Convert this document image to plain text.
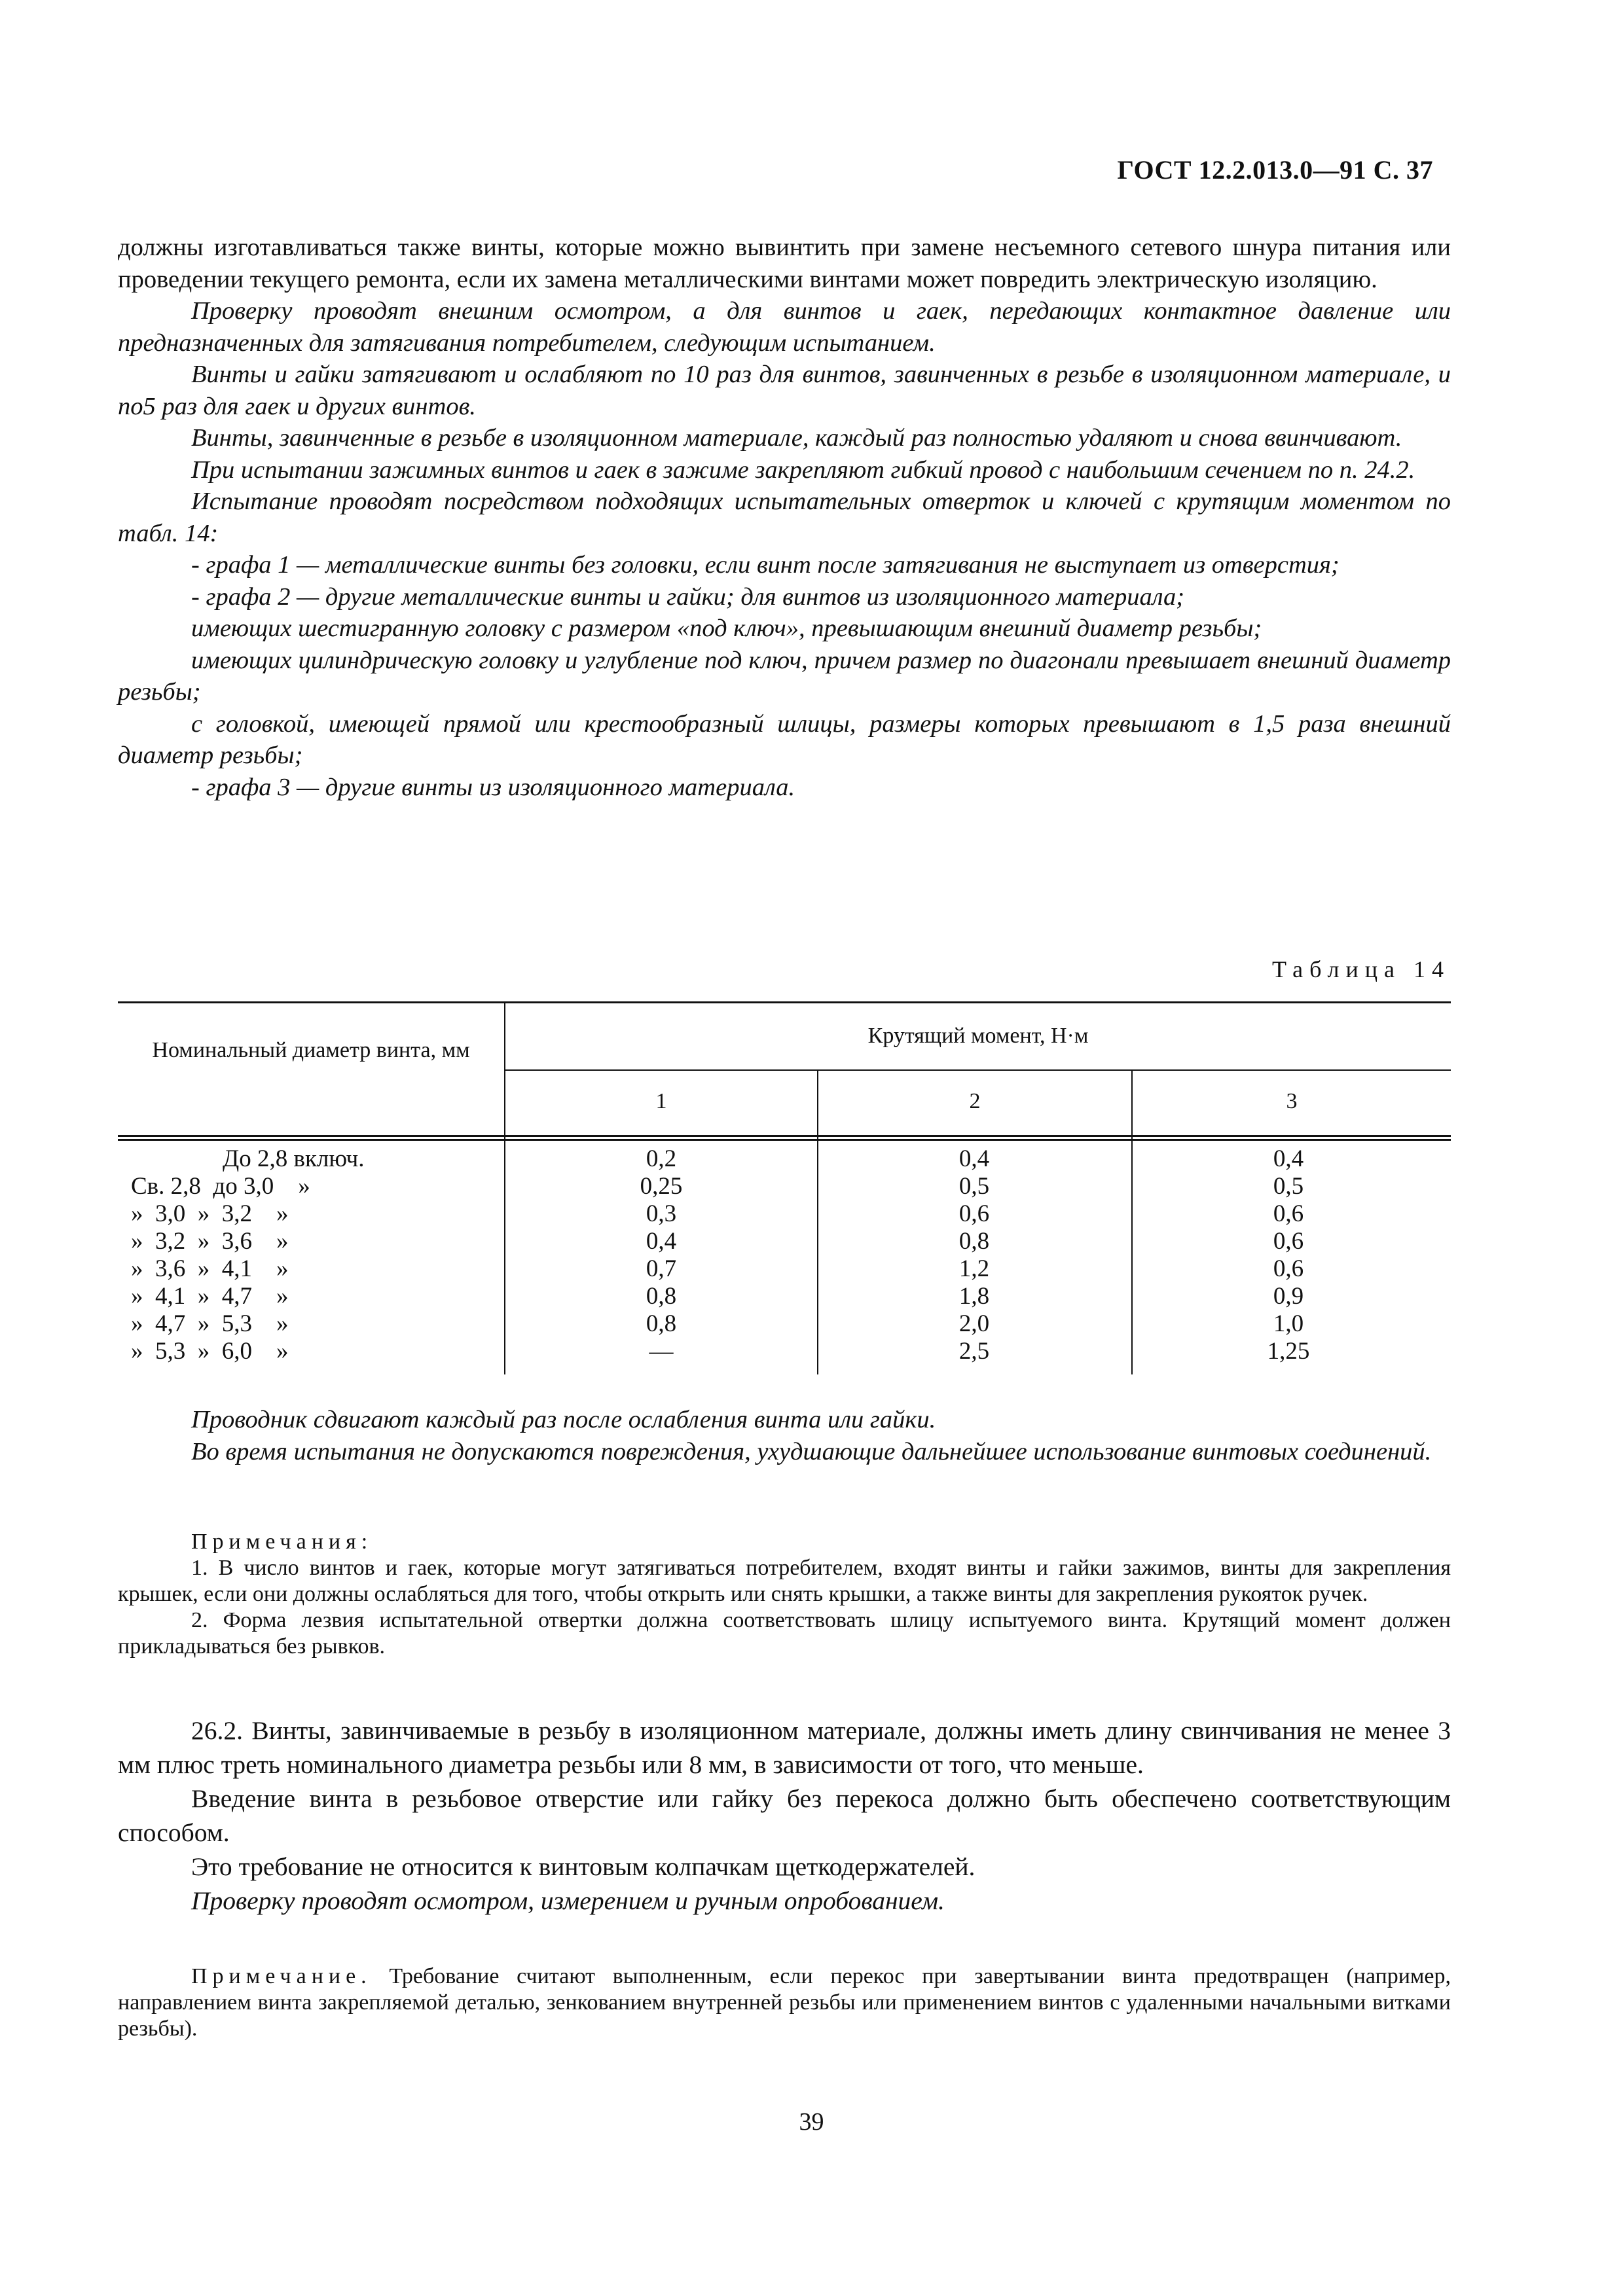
ГОСТ 12.2.013.0—91 С. 37

должны изготавливаться также винты, которые можно вывинтить при замене несъемного сетевого шнура питания или проведении текущего ремонта, если их замена металлическими винтами может повредить электрическую изоляцию.

Проверку проводят внешним осмотром, а для винтов и гаек, передающих контактное давление или предназначенных для затягивания потребителем, следующим испытанием.

Винты и гайки затягивают и ослабляют по 10 раз для винтов, завинченных в резьбе в изоляционном материале, и по5 раз для гаек и других винтов.

Винты, завинченные в резьбе в изоляционном материале, каждый раз полностью удаляют и снова ввинчивают.

При испытании зажимных винтов и гаек в зажиме закрепляют гибкий провод с наибольшим сечением по п. 24.2.

Испытание проводят посредством подходящих испытательных отверток и ключей с крутящим моментом по табл. 14:

- графа 1 — металлические винты без головки, если винт после затягивания не выступает из отверстия;

- графа 2 — другие металлические винты и гайки; для винтов из изоляционного материала;

имеющих шестигранную головку с размером «под ключ», превышающим внешний диаметр резьбы;

имеющих цилиндрическую головку и углубление под ключ, причем размер по диагонали превышает внешний диаметр резьбы;

с головкой, имеющей прямой или крестообразный шлицы, размеры которых превышают в 1,5 раза внешний диаметр резьбы;

- графа 3 — другие винты из изоляционного материала.

Таблица 14
Номинальный диаметр винта, мм
Крутящий момент, Н·м
1	2	3
До 2,8 включ.	0,2	0,4	0,4
Св. 2,8  до 3,0    »	0,25	0,5	0,5
»  3,0  »  3,2    »	0,3	0,6	0,6
»  3,2  »  3,6    »	0,4	0,8	0,6
»  3,6  »  4,1    »	0,7	1,2	0,6
»  4,1  »  4,7    »	0,8	1,8	0,9
»  4,7  »  5,3    »	0,8	2,0	1,0
»  5,3  »  6,0    »	—	2,5	1,25

Проводник сдвигают каждый раз после ослабления винта или гайки.

Во время испытания не допускаются повреждения, ухудшающие дальнейшее использование винтовых соединений.

Примечания:

1. В число винтов и гаек, которые могут затягиваться потребителем, входят винты и гайки зажимов, винты для закрепления крышек, если они должны ослабляться для того, чтобы открыть или снять крышки, а также винты для закрепления рукояток ручек.

2. Форма лезвия испытательной отвертки должна соответствовать шлицу испытуемого винта. Крутящий момент должен прикладываться без рывков.

26.2. Винты, завинчиваемые в резьбу в изоляционном материале, должны иметь длину свинчивания не менее 3 мм плюс треть номинального диаметра резьбы или 8 мм, в зависимости от того, что меньше.

Введение винта в резьбовое отверстие или гайку без перекоса должно быть обеспечено соответствующим способом.

Это требование не относится к винтовым колпачкам щеткодержателей.

Проверку проводят осмотром, измерением и ручным опробованием.

Примечание. Требование считают выполненным, если перекос при завертывании винта предотвращен (например, направлением винта закрепляемой деталью, зенкованием внутренней резьбы или применением винтов с удаленными начальными витками резьбы).

39
